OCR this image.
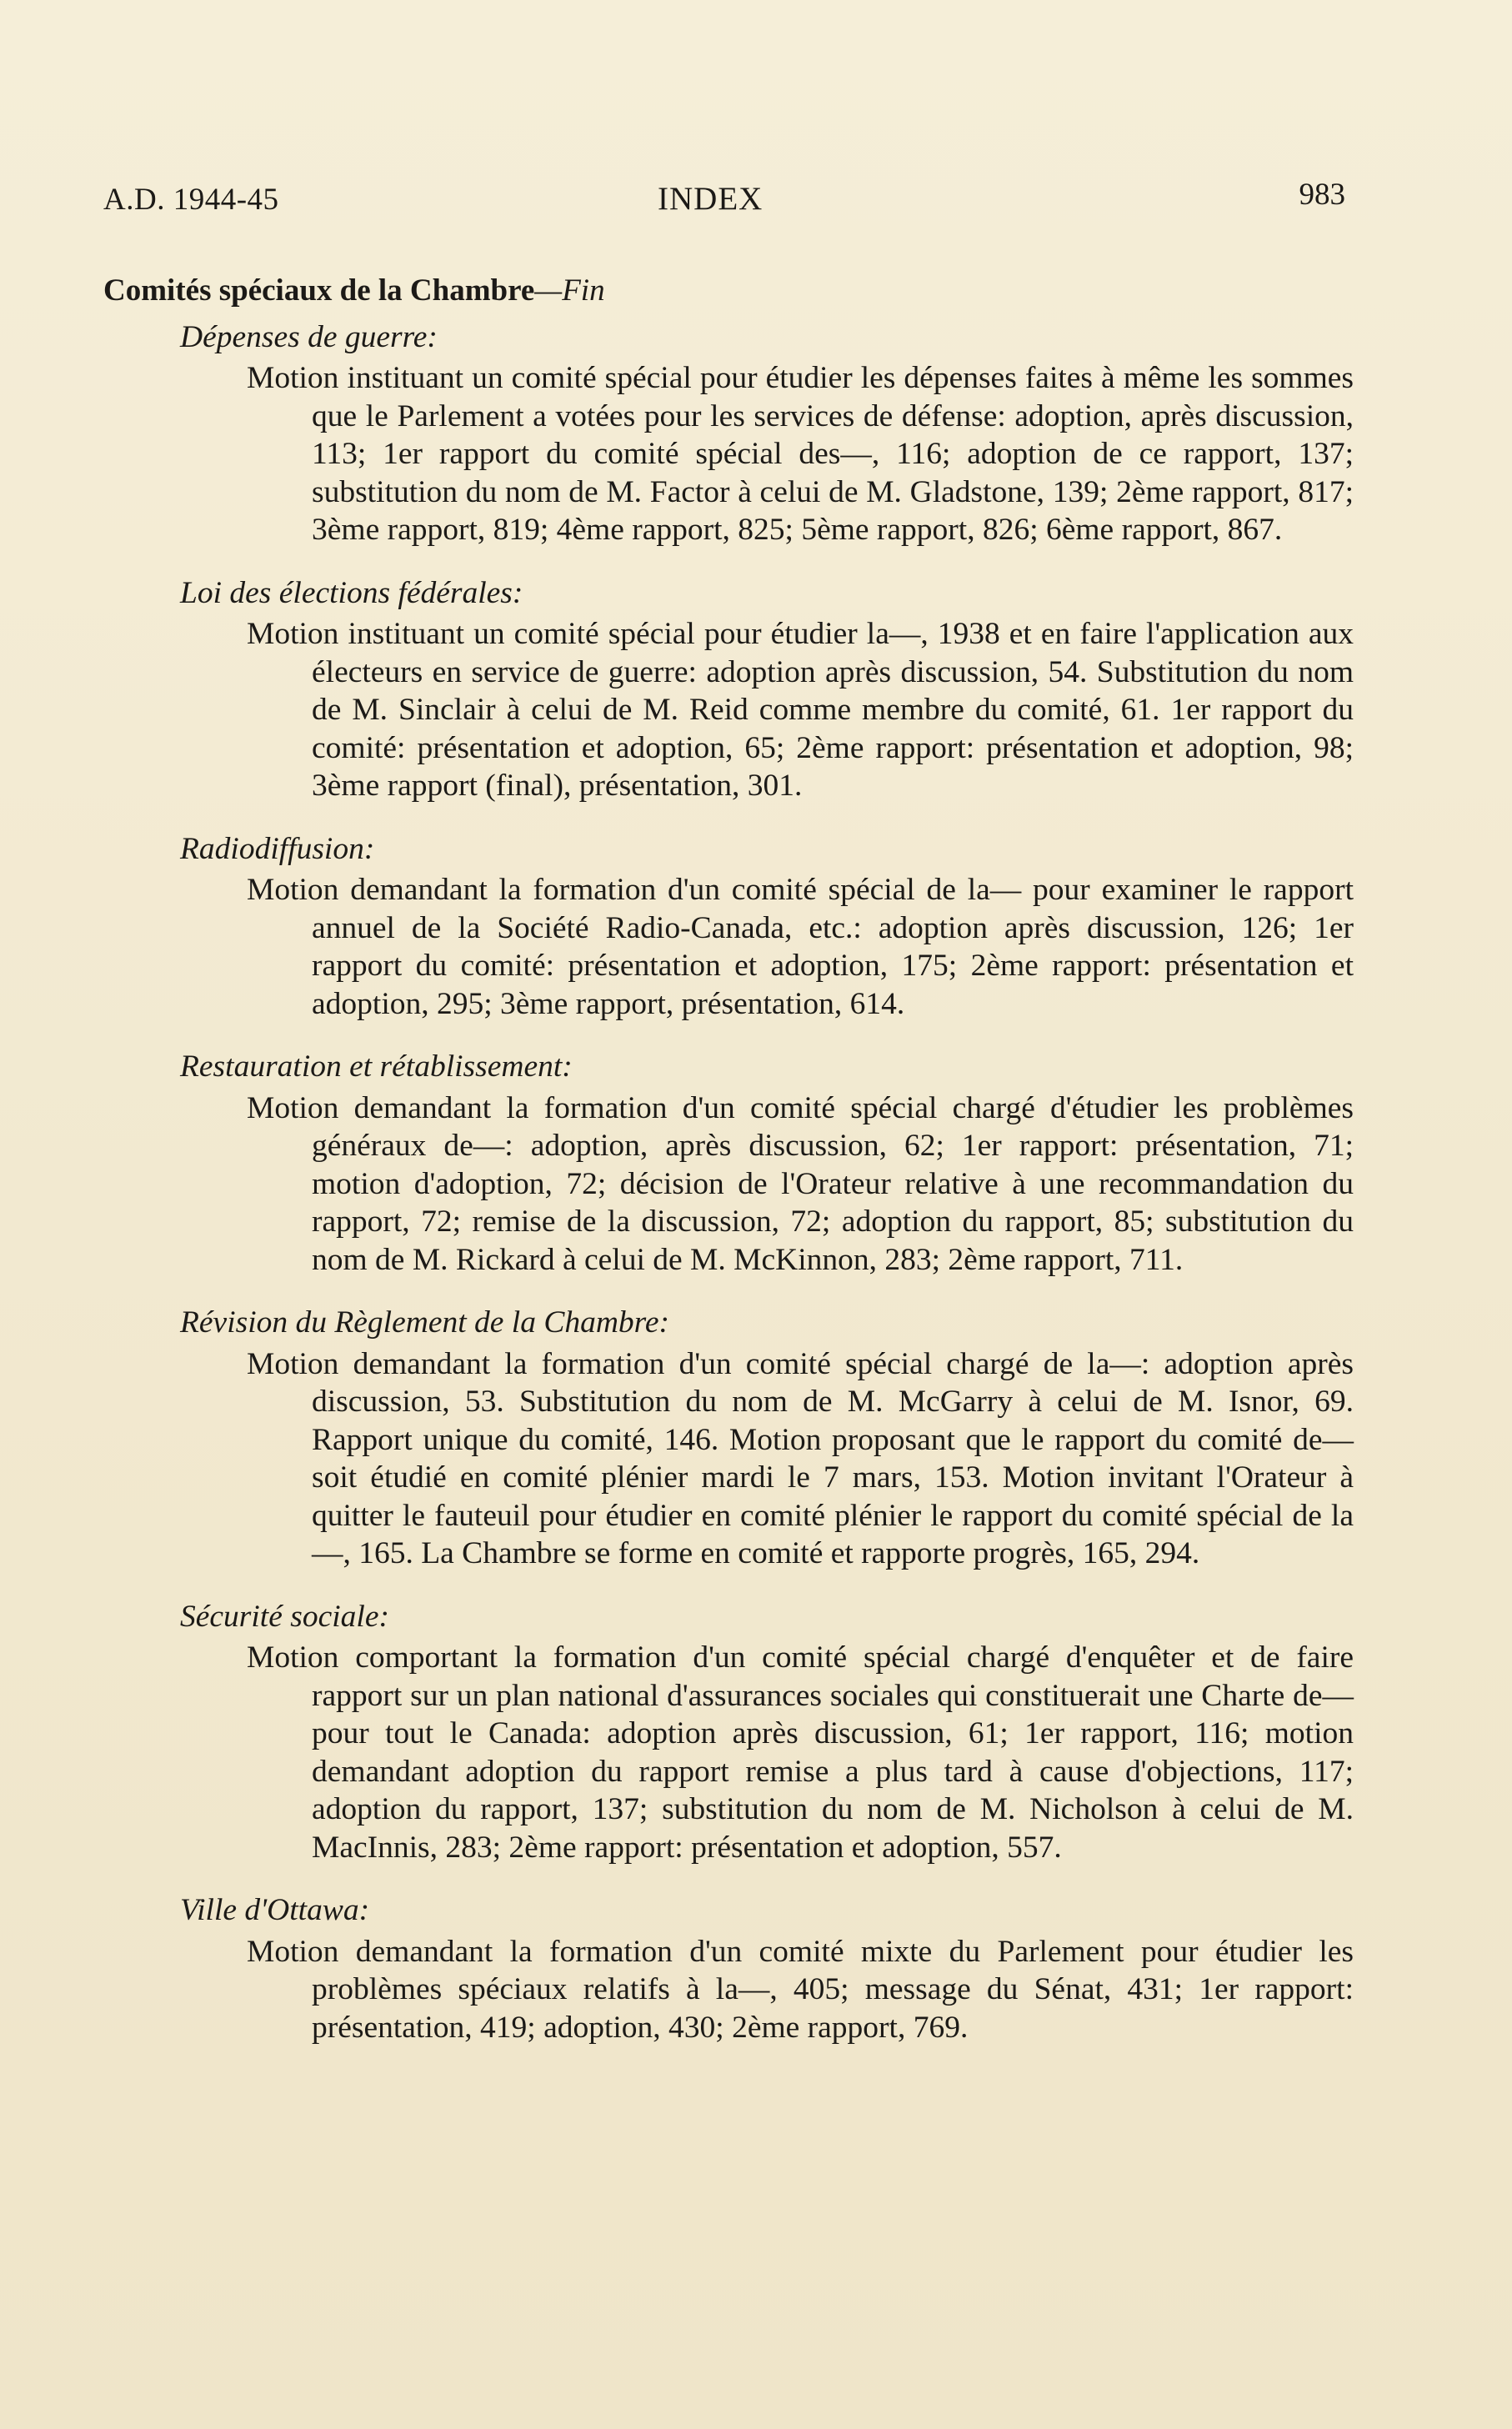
A.D. 1944-45	INDEX	983
Comités spéciaux de la Chambre—Fin
Dépenses de guerre:
Motion instituant un comité spécial pour étudier les dépenses faites à même les sommes que le Parlement a votées pour les services de défense: adoption, après discussion, 113; 1er rapport du comité spécial des—, 116; adoption de ce rapport, 137; substitution du nom de M. Factor à celui de M. Gladstone, 139; 2ème rapport, 817; 3ème rapport, 819; 4ème rapport, 825; 5ème rapport, 826; 6ème rapport, 867.
Loi des élections fédérales:
Motion instituant un comité spécial pour étudier la—, 1938 et en faire l'application aux électeurs en service de guerre: adoption après discussion, 54. Substitution du nom de M. Sinclair à celui de M. Reid comme membre du comité, 61. 1er rapport du comité: présentation et adoption, 65; 2ème rapport: présentation et adoption, 98; 3ème rapport (final), présentation, 301.
Radiodiffusion:
Motion demandant la formation d'un comité spécial de la— pour examiner le rapport annuel de la Société Radio-Canada, etc.: adoption après discussion, 126; 1er rapport du comité: présentation et adoption, 175; 2ème rapport: présentation et adoption, 295; 3ème rapport, présentation, 614.
Restauration et rétablissement:
Motion demandant la formation d'un comité spécial chargé d'étudier les problèmes généraux de—: adoption, après discussion, 62; 1er rapport: présentation, 71; motion d'adoption, 72; décision de l'Orateur relative à une recommandation du rapport, 72; remise de la discussion, 72; adoption du rapport, 85; substitution du nom de M. Rickard à celui de M. McKinnon, 283; 2ème rapport, 711.
Révision du Règlement de la Chambre:
Motion demandant la formation d'un comité spécial chargé de la—: adoption après discussion, 53. Substitution du nom de M. McGarry à celui de M. Isnor, 69. Rapport unique du comité, 146. Motion proposant que le rapport du comité de— soit étudié en comité plénier mardi le 7 mars, 153. Motion invitant l'Orateur à quitter le fauteuil pour étudier en comité plénier le rapport du comité spécial de la—, 165. La Chambre se forme en comité et rapporte progrès, 165, 294.
Sécurité sociale:
Motion comportant la formation d'un comité spécial chargé d'enquêter et de faire rapport sur un plan national d'assurances sociales qui constituerait une Charte de— pour tout le Canada: adoption après discussion, 61; 1er rapport, 116; motion demandant adoption du rapport remise a plus tard à cause d'objections, 117; adoption du rapport, 137; substitution du nom de M. Nicholson à celui de M. MacInnis, 283; 2ème rapport: présentation et adoption, 557.
Ville d'Ottawa:
Motion demandant la formation d'un comité mixte du Parlement pour étudier les problèmes spéciaux relatifs à la—, 405; message du Sénat, 431; 1er rapport: présentation, 419; adoption, 430; 2ème rapport, 769.
